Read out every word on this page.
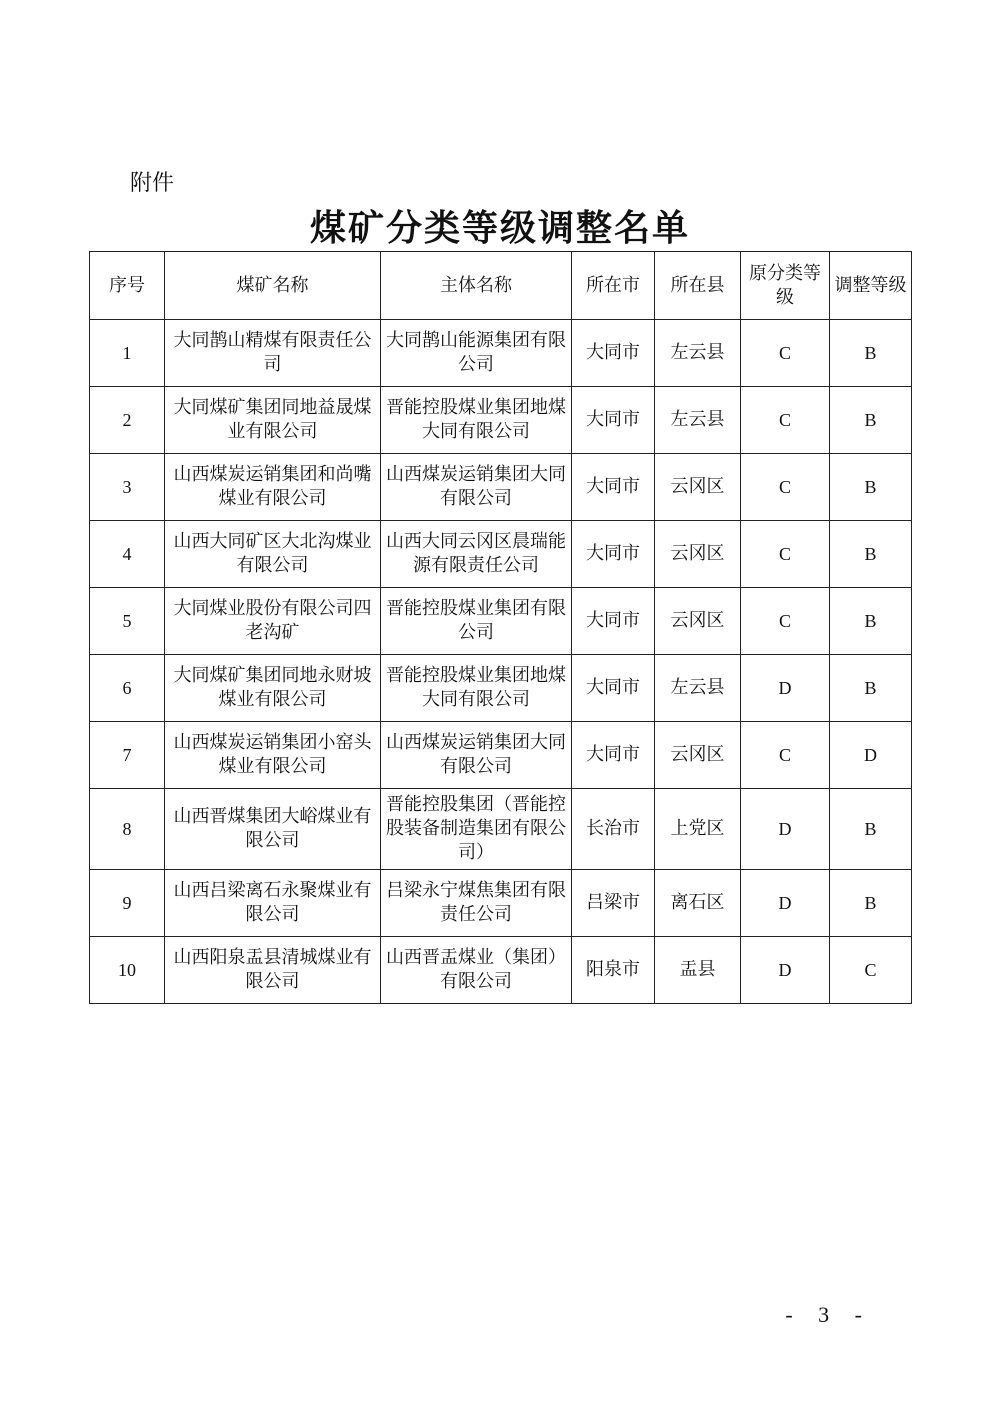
附件
煤矿分类等级调整名单
序号	煤矿名称	主体名称	所在市	所在县	原分类等级	调整等级
1	大同鹊山精煤有限责任公司	大同鹊山能源集团有限公司	大同市	左云县	C	B
2	大同煤矿集团同地益晟煤业有限公司	晋能控股煤业集团地煤大同有限公司	大同市	左云县	C	B
3	山西煤炭运销集团和尚嘴煤业有限公司	山西煤炭运销集团大同有限公司	大同市	云冈区	C	B
4	山西大同矿区大北沟煤业有限公司	山西大同云冈区晨瑞能源有限责任公司	大同市	云冈区	C	B
5	大同煤业股份有限公司四老沟矿	晋能控股煤业集团有限公司	大同市	云冈区	C	B
6	大同煤矿集团同地永财坡煤业有限公司	晋能控股煤业集团地煤大同有限公司	大同市	左云县	D	B
7	山西煤炭运销集团小窑头煤业有限公司	山西煤炭运销集团大同有限公司	大同市	云冈区	C	D
8	山西晋煤集团大峪煤业有限公司	晋能控股集团（晋能控股装备制造集团有限公司）	长治市	上党区	D	B
9	山西吕梁离石永聚煤业有限公司	吕梁永宁煤焦集团有限责任公司	吕梁市	离石区	D	B
10	山西阳泉盂县清城煤业有限公司	山西晋盂煤业（集团）有限公司	阳泉市	盂县	D	C
- 3 -
